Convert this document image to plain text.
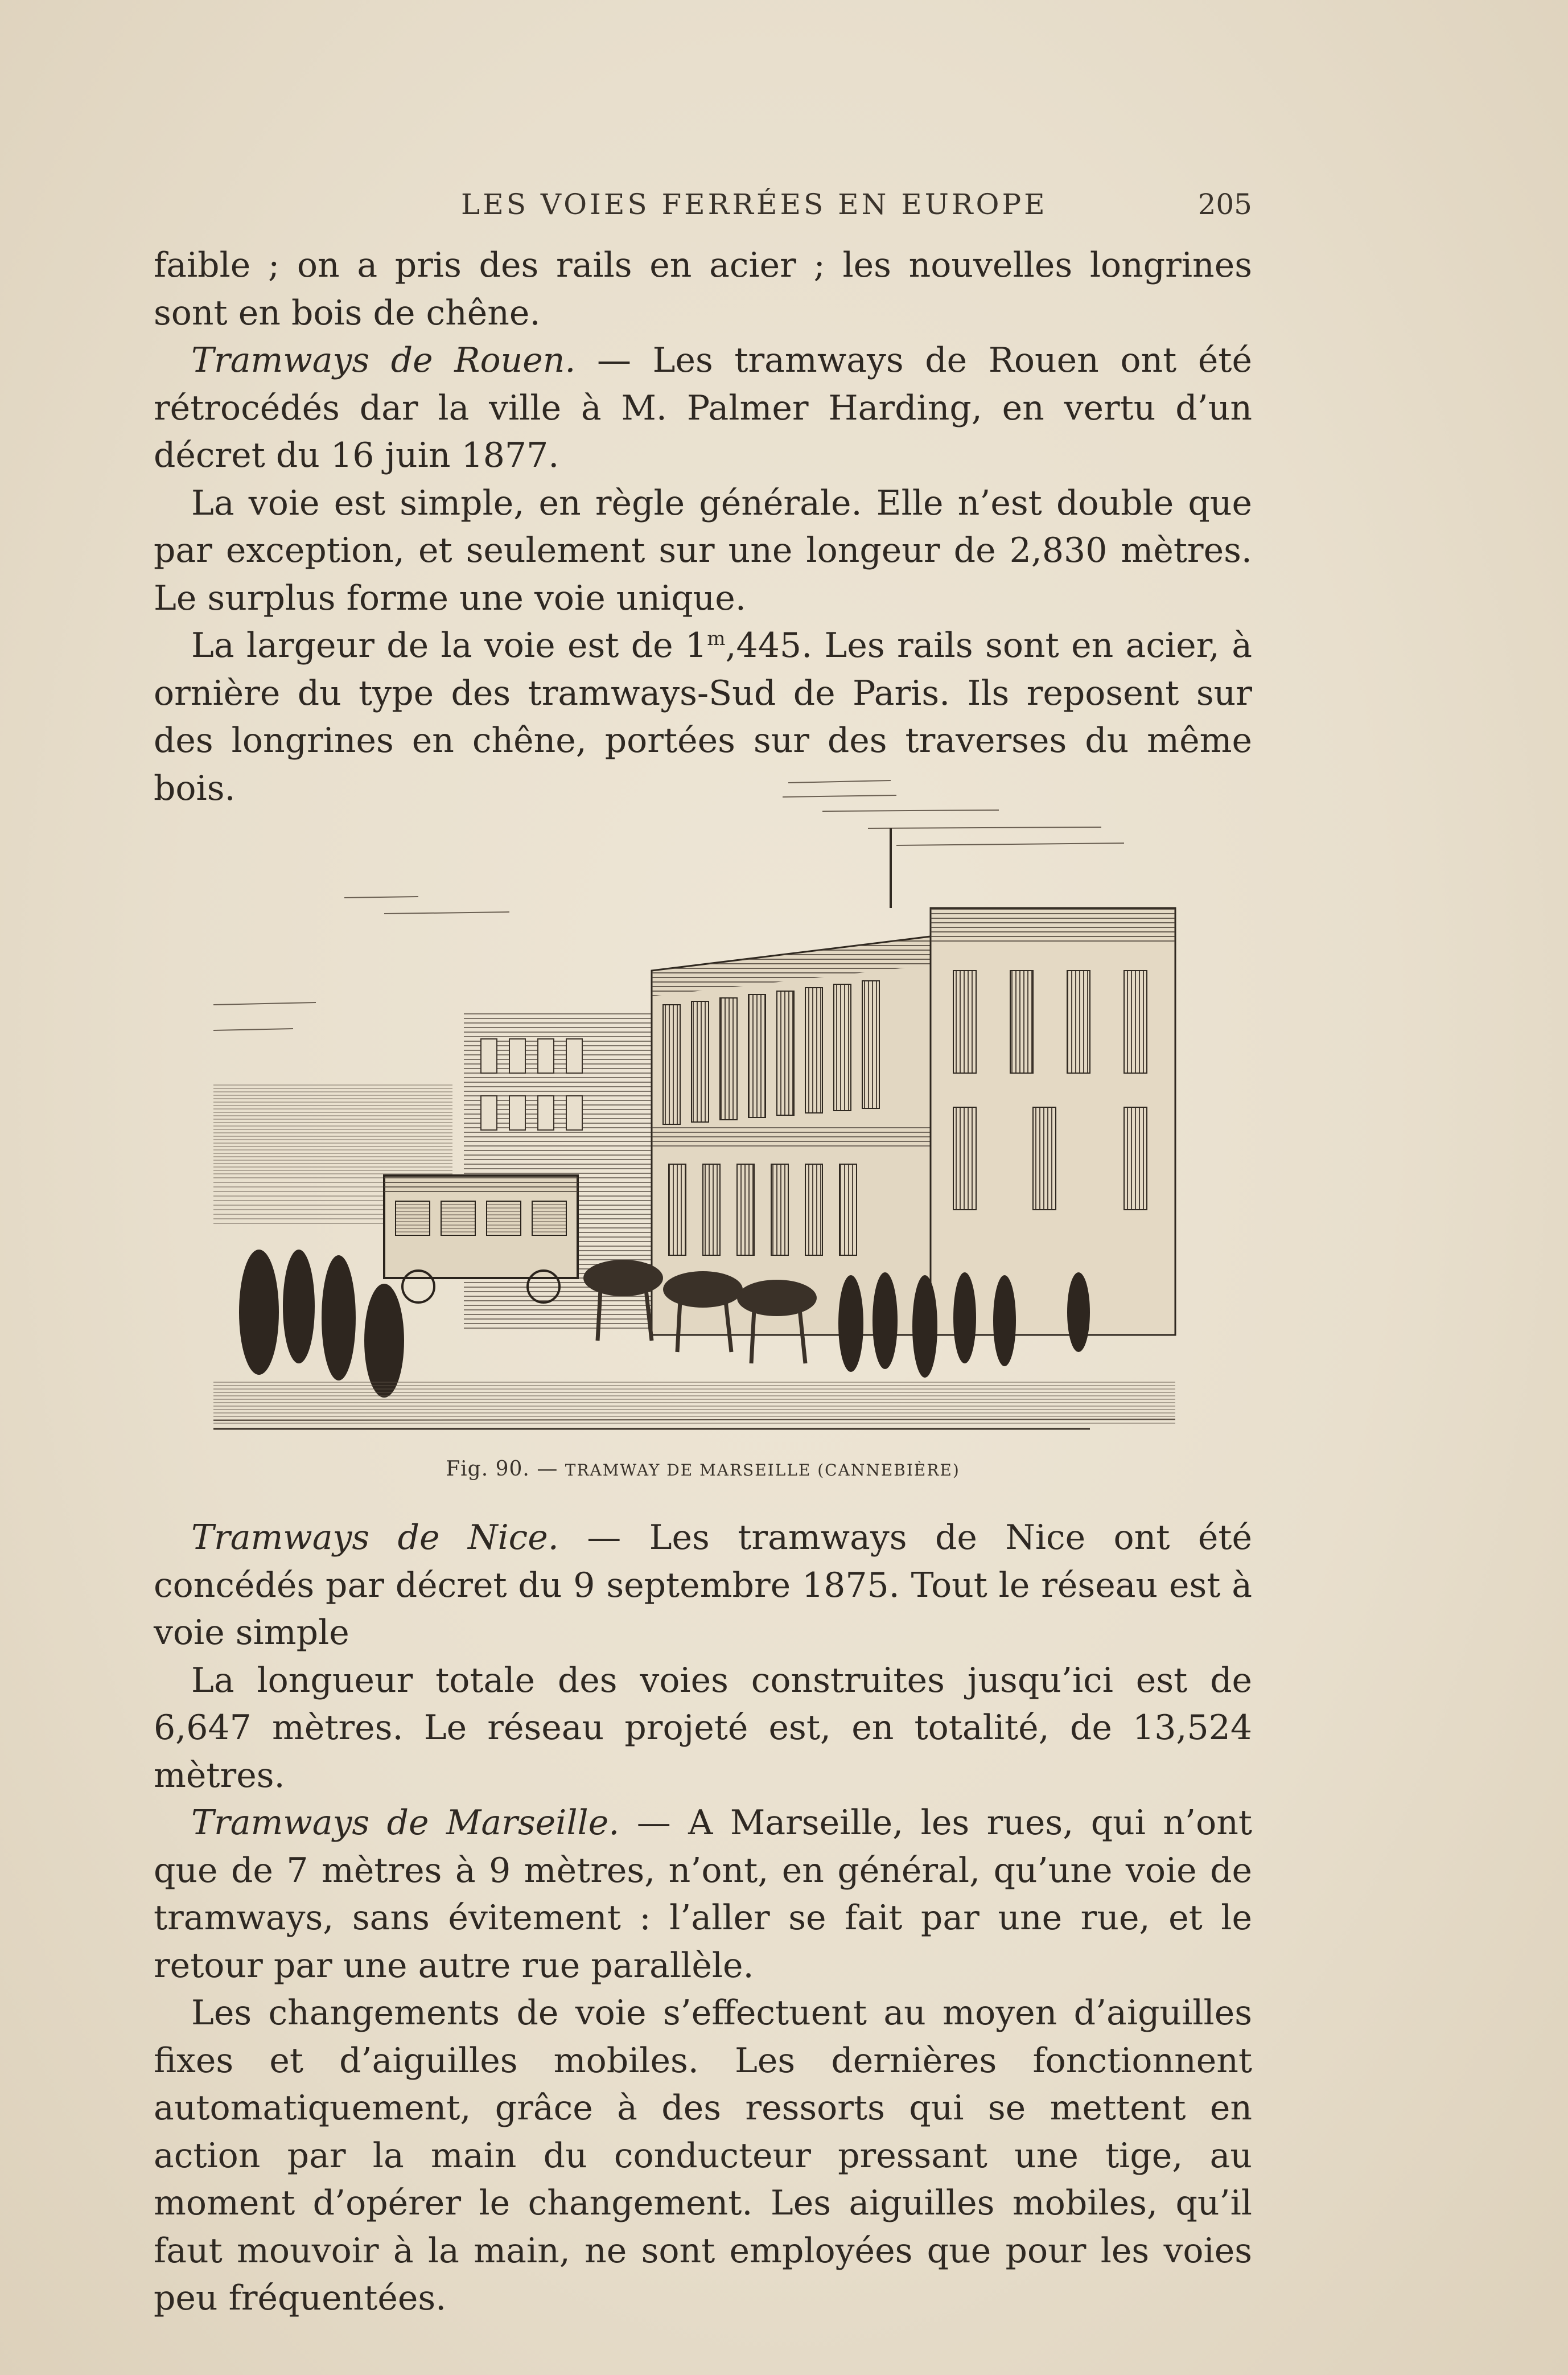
LES VOIES FERRÉES EN EUROPE	205

faible ; on a pris des rails en acier ; les nouvelles longrines sont en bois de chêne.

Tramways de Rouen. — Les tramways de Rouen ont été rétrocédés dar la ville à M. Palmer Harding, en vertu d’un décret du 16 juin 1877.

La voie est simple, en règle générale. Elle n’est double que par exception, et seulement sur une longeur de 2,830 mètres. Le surplus forme une voie unique.

La largeur de la voie est de 1$^m$,445. Les rails sont en acier, à ornière du type des tramways-Sud de Paris. Ils reposent sur des longrines en chêne, portées sur des traverses du même bois.

Fig. 90. — TRAMWAY DE MARSEILLE (CANNEBIÈRE)

Tramways de Nice. — Les tramways de Nice ont été concédés par décret du 9 septembre 1875. Tout le réseau est à voie simple

La longueur totale des voies construites jusqu’ici est de 6,647 mètres. Le réseau projeté est, en totalité, de 13,524 mètres.

Tramways de Marseille. — A Marseille, les rues, qui n’ont que de 7 mètres à 9 mètres, n’ont, en général, qu’une voie de tramways, sans évitement : l’aller se fait par une rue, et le retour par une autre rue parallèle.

Les changements de voie s’effectuent au moyen d’aiguilles fixes et d’aiguilles mobiles. Les dernières fonctionnent automatiquement, grâce à des ressorts qui se mettent en action par la main du conducteur pressant une tige, au moment d’opérer le changement. Les aiguilles mobiles, qu’il faut mouvoir à la main, ne sont employées que pour les voies peu fréquentées.
